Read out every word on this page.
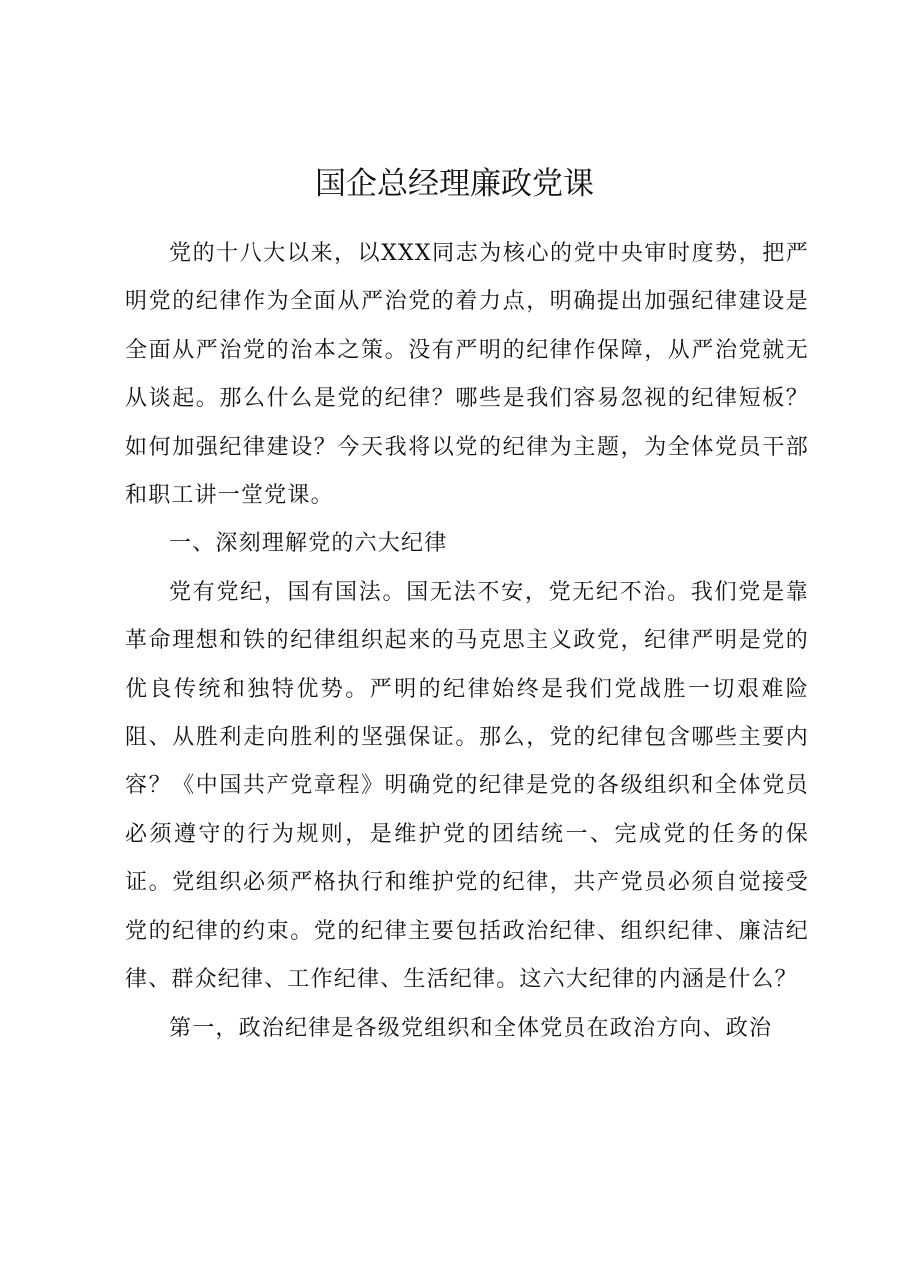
国企总经理廉政党课

党的十八大以来，以XXX同志为核心的党中央审时度势，把严明党的纪律作为全面从严治党的着力点，明确提出加强纪律建设是全面从严治党的治本之策。没有严明的纪律作保障，从严治党就无从谈起。那么什么是党的纪律？哪些是我们容易忽视的纪律短板？如何加强纪律建设？今天我将以党的纪律为主题，为全体党员干部和职工讲一堂党课。

一、深刻理解党的六大纪律

党有党纪，国有国法。国无法不安，党无纪不治。我们党是靠革命理想和铁的纪律组织起来的马克思主义政党，纪律严明是党的优良传统和独特优势。严明的纪律始终是我们党战胜一切艰难险阻、从胜利走向胜利的坚强保证。那么，党的纪律包含哪些主要内容？《中国共产党章程》明确党的纪律是党的各级组织和全体党员必须遵守的行为规则，是维护党的团结统一、完成党的任务的保证。党组织必须严格执行和维护党的纪律，共产党员必须自觉接受党的纪律的约束。党的纪律主要包括政治纪律、组织纪律、廉洁纪律、群众纪律、工作纪律、生活纪律。这六大纪律的内涵是什么？

第一，政治纪律是各级党组织和全体党员在政治方向、政治
